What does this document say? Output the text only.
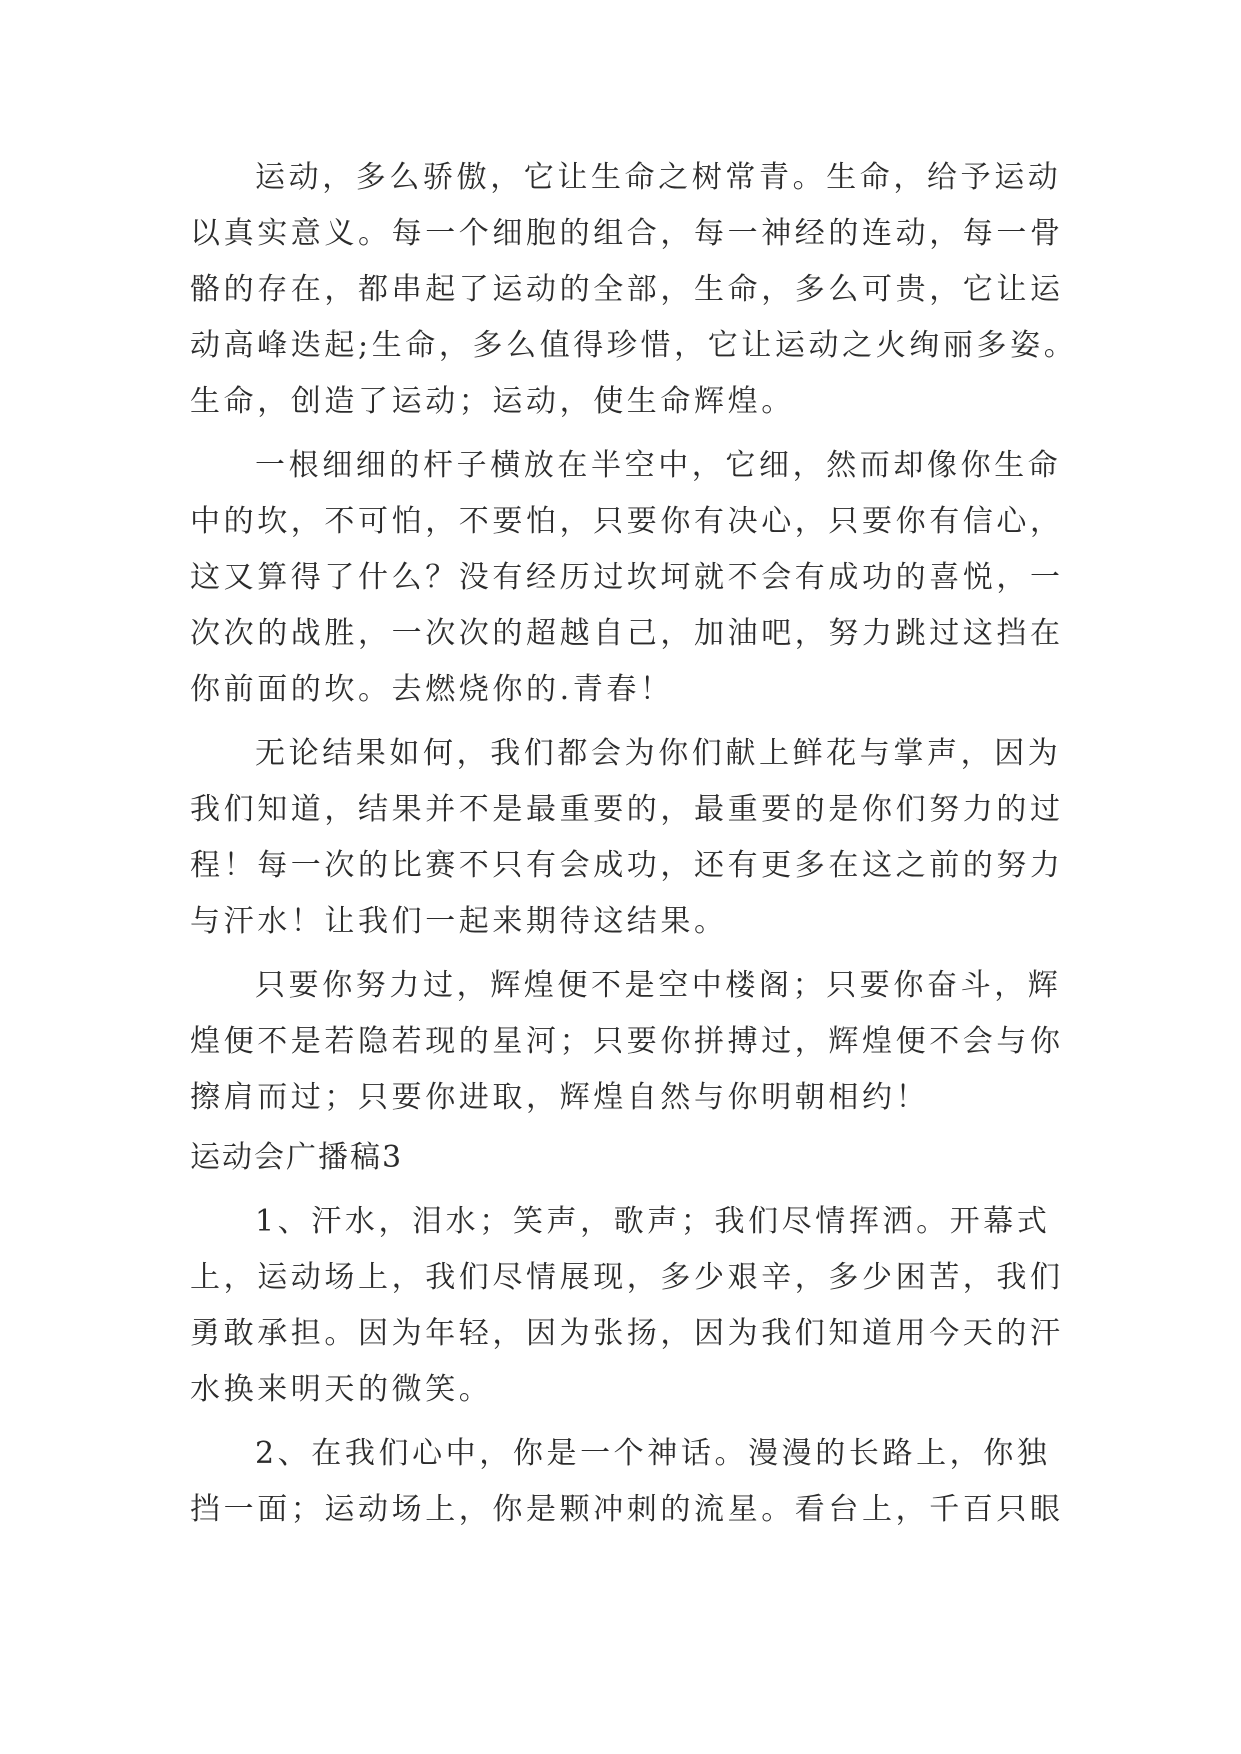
运动，多么骄傲，它让生命之树常青。生命，给予运动
以真实意义。每一个细胞的组合，每一神经的连动，每一骨
骼的存在，都串起了运动的全部，生命，多么可贵，它让运
动高峰迭起;生命，多么值得珍惜，它让运动之火绚丽多姿。
生命，创造了运动；运动，使生命辉煌。
一根细细的杆子横放在半空中，它细，然而却像你生命
中的坎，不可怕，不要怕，只要你有决心，只要你有信心，
这又算得了什么？没有经历过坎坷就不会有成功的喜悦，一
次次的战胜，一次次的超越自己，加油吧，努力跳过这挡在
你前面的坎。去燃烧你的.青春！
无论结果如何，我们都会为你们献上鲜花与掌声，因为
我们知道，结果并不是最重要的，最重要的是你们努力的过
程！每一次的比赛不只有会成功，还有更多在这之前的努力
与汗水！让我们一起来期待这结果。
只要你努力过，辉煌便不是空中楼阁；只要你奋斗，辉
煌便不是若隐若现的星河；只要你拼搏过，辉煌便不会与你
擦肩而过；只要你进取，辉煌自然与你明朝相约！
运动会广播稿3
1、汗水，泪水；笑声，歌声；我们尽情挥洒。开幕式
上，运动场上，我们尽情展现，多少艰辛，多少困苦，我们
勇敢承担。因为年轻，因为张扬，因为我们知道用今天的汗
水换来明天的微笑。
2、在我们心中，你是一个神话。漫漫的长路上，你独
挡一面；运动场上，你是颗冲刺的流星。看台上，千百只眼
